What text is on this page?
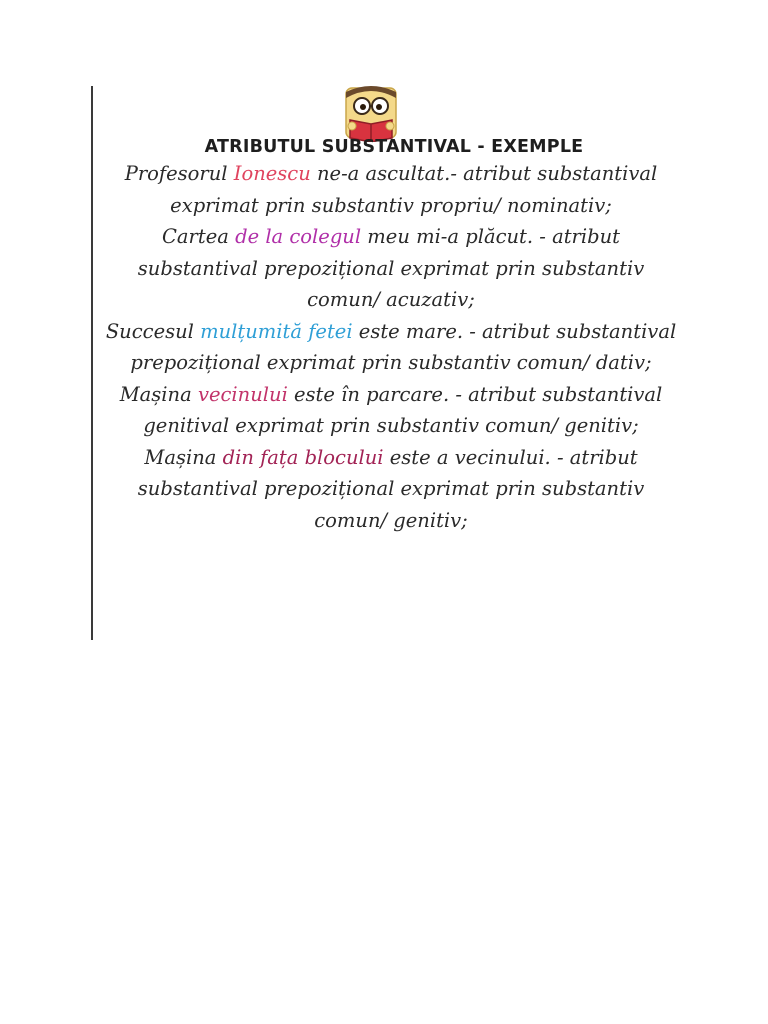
ATRIBUTUL SUBSTANTIVAL - EXEMPLE

Profesorul Ionescu ne-a ascultat.- atribut substantival exprimat prin substantiv propriu/ nominativ;

Cartea de la colegul meu mi-a plăcut. - atribut substantival prepozițional exprimat prin substantiv comun/ acuzativ;

Succesul mulțumită fetei este mare. - atribut substantival prepozițional exprimat prin substantiv comun/ dativ;

Mașina vecinului este în parcare. - atribut substantival genitival exprimat prin substantiv comun/ genitiv;

Mașina din fața blocului este a vecinului. - atribut substantival prepozițional exprimat prin substantiv comun/ genitiv;
